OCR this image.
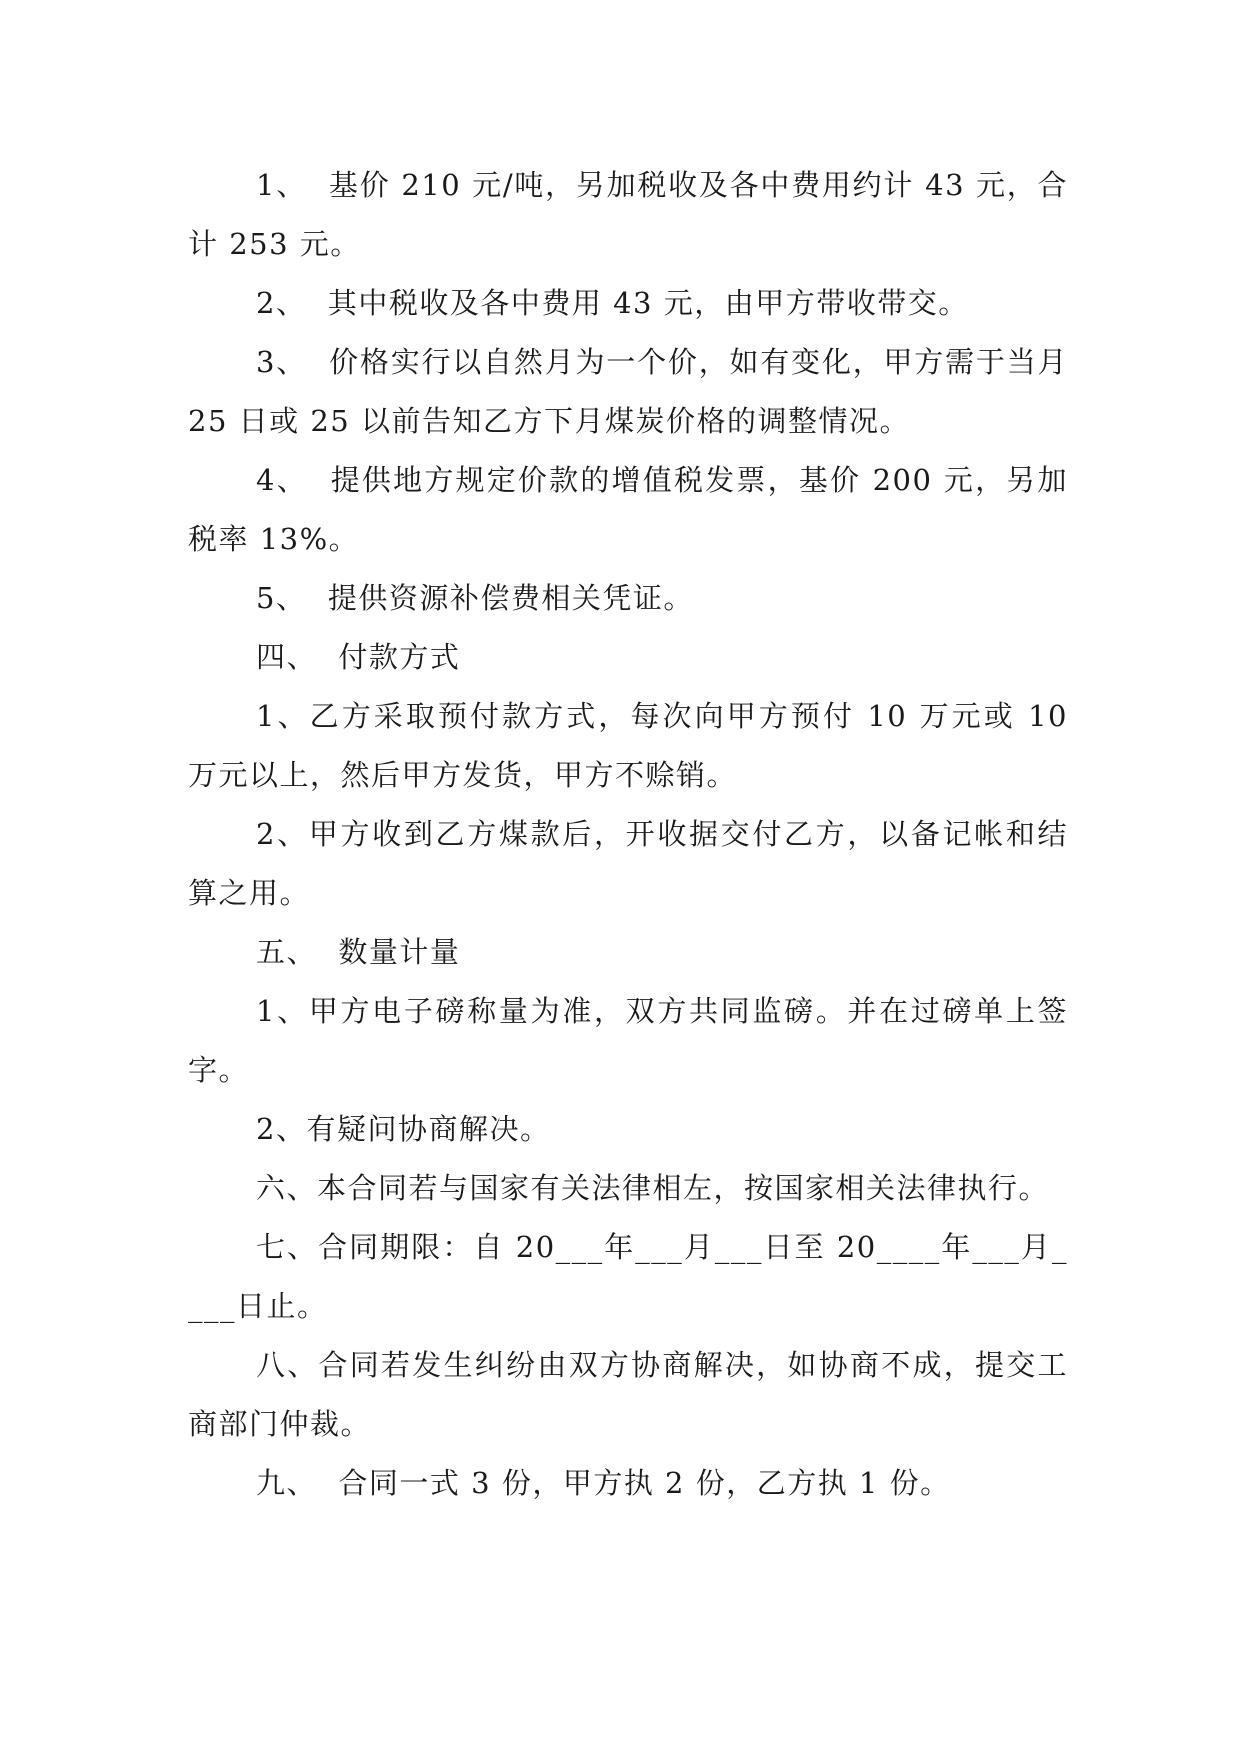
1、  基价 210 元/吨，另加税收及各中费用约计 43 元，合计 253 元。

2、  其中税收及各中费用 43 元，由甲方带收带交。

3、  价格实行以自然月为一个价，如有变化，甲方需于当月 25 日或 25 以前告知乙方下月煤炭价格的调整情况。

4、  提供地方规定价款的增值税发票，基价 200 元，另加税率 13%。

5、  提供资源补偿费相关凭证。

四、  付款方式

1、乙方采取预付款方式，每次向甲方预付 10 万元或 10 万元以上，然后甲方发货，甲方不赊销。

2、甲方收到乙方煤款后，开收据交付乙方，以备记帐和结算之用。

五、  数量计量

1、甲方电子磅称量为准，双方共同监磅。并在过磅单上签字。

2、有疑问协商解决。

六、本合同若与国家有关法律相左，按国家相关法律执行。

七、合同期限：自 20___年___月___日至 20____年___月____日止。

八、合同若发生纠纷由双方协商解决，如协商不成，提交工商部门仲裁。

九、  合同一式 3 份，甲方执 2 份，乙方执 1 份。
